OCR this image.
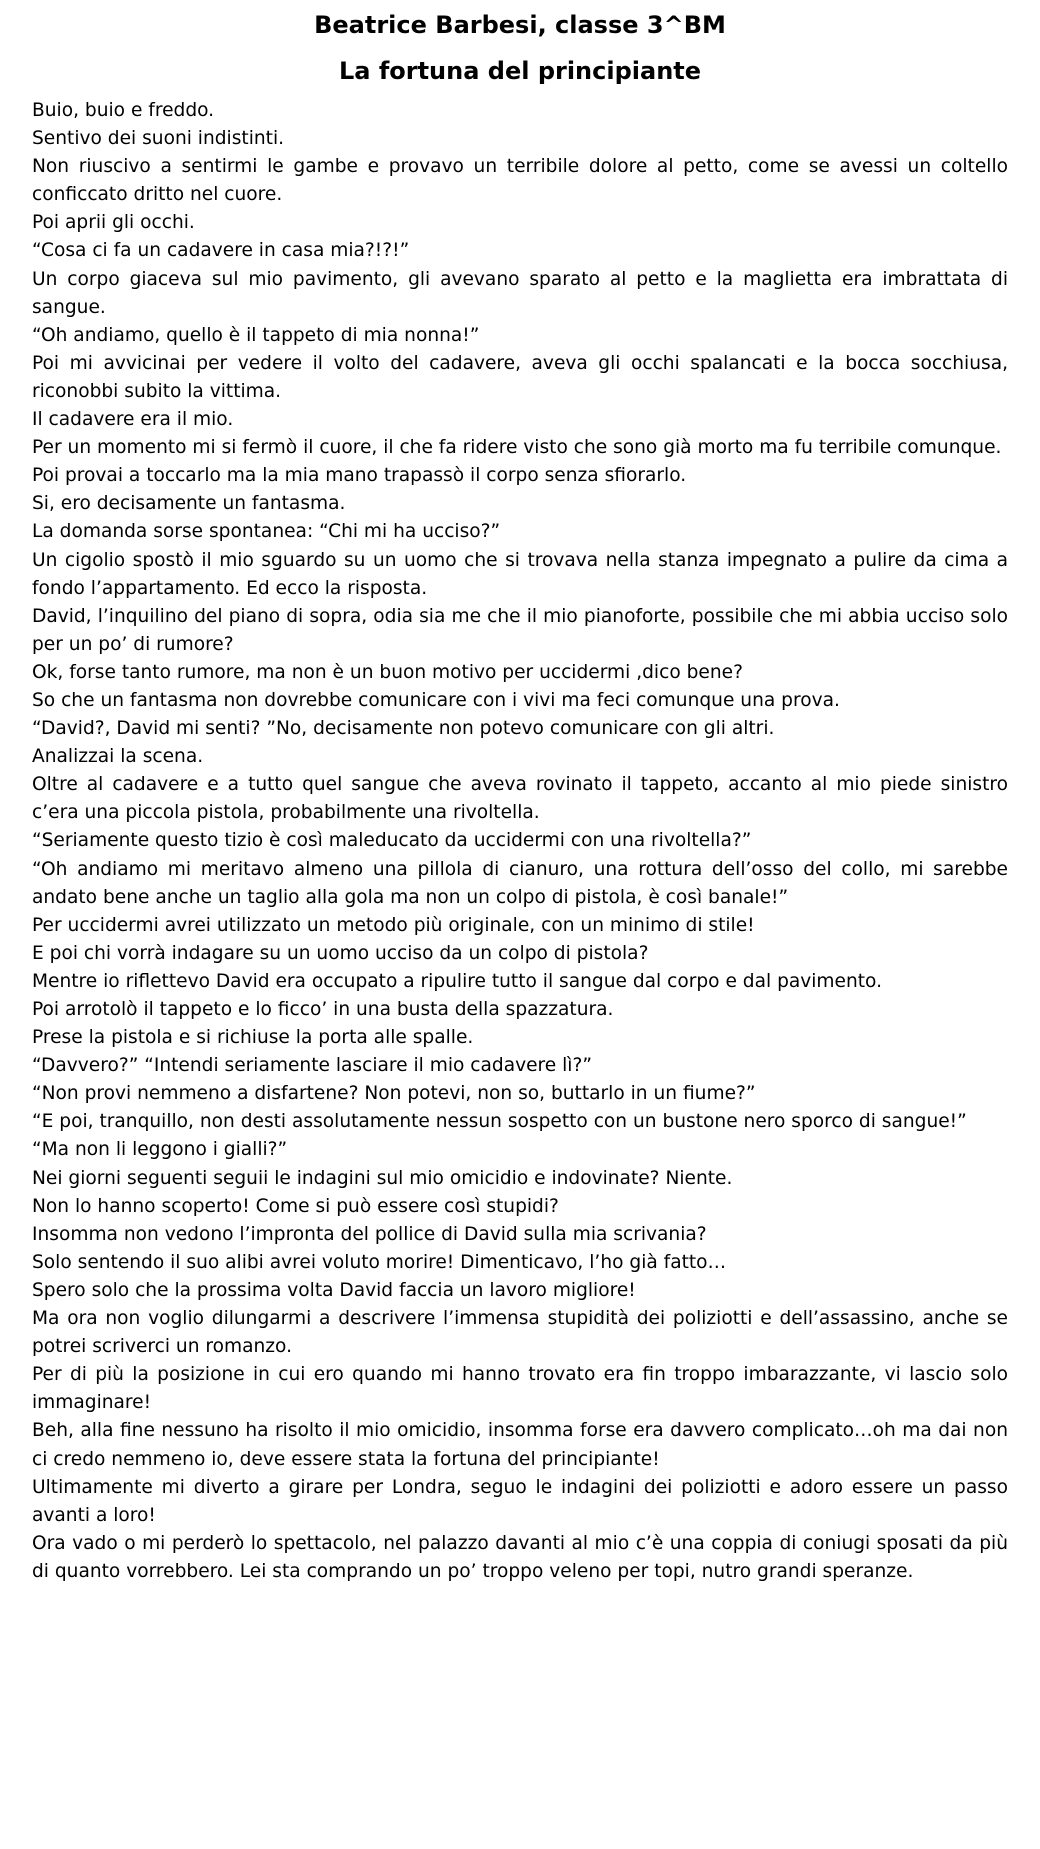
Beatrice Barbesi, classe 3^BM
La fortuna del principiante

Buio, buio e freddo.

Sentivo dei suoni indistinti.

Non riuscivo a sentirmi le gambe e provavo un terribile dolore al petto, come se avessi un coltello conficcato dritto nel cuore.

Poi aprii gli occhi.

“Cosa ci fa un cadavere in casa mia?!?!”

Un corpo giaceva sul mio pavimento, gli avevano sparato al petto e la maglietta era imbrattata di sangue.

“Oh andiamo, quello è il tappeto di mia nonna!”

Poi mi avvicinai per vedere il volto del cadavere, aveva gli occhi spalancati e la bocca socchiusa, riconobbi subito la vittima.

Il cadavere era il mio.

Per un momento mi si fermò il cuore, il che fa ridere visto che sono già morto ma fu terribile comunque.

Poi provai a toccarlo ma la mia mano trapassò il corpo senza sfiorarlo.

Si, ero decisamente un fantasma.

La domanda sorse spontanea: “Chi mi ha ucciso?”

Un cigolio spostò il mio sguardo su un uomo che si trovava nella stanza impegnato a pulire da cima a fondo l’appartamento. Ed ecco la risposta.

David, l’inquilino del piano di sopra, odia sia me che il mio pianoforte, possibile che mi abbia ucciso solo per un po’ di rumore?

Ok, forse tanto rumore, ma non è un buon motivo per uccidermi ,dico bene?

So che un fantasma non dovrebbe comunicare con i vivi ma feci comunque una prova.

“David?, David mi senti? ”No, decisamente non potevo comunicare con gli altri.

Analizzai la scena.

Oltre al cadavere e a tutto quel sangue che aveva rovinato il tappeto, accanto al mio piede sinistro c’era una piccola pistola, probabilmente una rivoltella.

“Seriamente questo tizio è così maleducato da uccidermi con una rivoltella?”

“Oh andiamo mi meritavo almeno una pillola di cianuro, una rottura dell’osso del collo, mi sarebbe andato bene anche un taglio alla gola ma non un colpo di pistola, è così banale!”

Per uccidermi avrei utilizzato un metodo più originale, con un minimo di stile!

E poi chi vorrà indagare su un uomo ucciso da un colpo di pistola?

Mentre io riflettevo David era occupato a ripulire tutto il sangue dal corpo e dal pavimento.

Poi arrotolò il tappeto e lo ficco’ in una busta della spazzatura.

Prese la pistola e si richiuse la porta alle spalle.

“Davvero?” “Intendi seriamente lasciare il mio cadavere lì?”

“Non provi nemmeno a disfartene? Non potevi, non so, buttarlo in un fiume?”

“E poi, tranquillo, non desti assolutamente nessun sospetto con un bustone nero sporco di sangue!”

“Ma non li leggono i gialli?”

Nei giorni seguenti seguii le indagini sul mio omicidio e indovinate? Niente.

Non lo hanno scoperto! Come si può essere così stupidi?

Insomma non vedono l’impronta del pollice di David sulla mia scrivania?

Solo sentendo il suo alibi avrei voluto morire! Dimenticavo, l’ho già fatto…

Spero solo che la prossima volta David faccia un lavoro migliore!

Ma ora non voglio dilungarmi a descrivere l’immensa stupidità dei poliziotti e dell’assassino, anche se potrei scriverci un romanzo.

Per di più la posizione in cui ero quando mi hanno trovato era fin troppo imbarazzante, vi lascio solo immaginare!

Beh, alla fine nessuno ha risolto il mio omicidio, insomma forse era davvero complicato…oh ma dai non ci credo nemmeno io, deve essere stata la fortuna del principiante!

Ultimamente mi diverto a girare per Londra, seguo le indagini dei poliziotti e adoro essere un passo avanti a loro!

Ora vado o mi perderò lo spettacolo, nel palazzo davanti al mio c’è una coppia di coniugi sposati da più di quanto vorrebbero. Lei sta comprando un po’ troppo veleno per topi, nutro grandi speranze.
